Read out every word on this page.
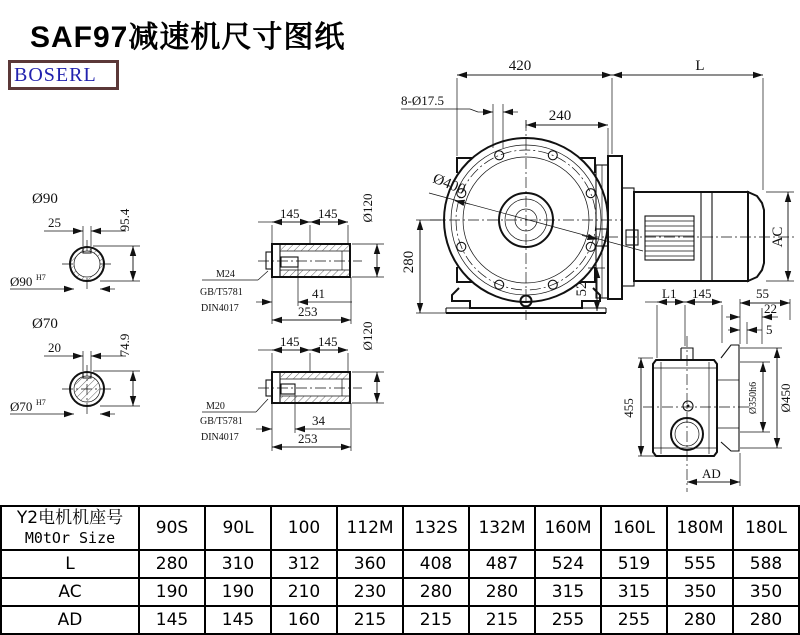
SAF97减速机尺寸图纸
BOSERL	420	L
8-Ø17.5
240
Ø400
280
52
AC
Ø90
25	95.4
Ø90 H7
Ø70
20	74.9
Ø70 H7
145 145 Ø120
M24
GB/T5781
DIN4017
41
253
145 145 Ø120
M20
GB/T5781
DIN4017
34
253
L1 145	55
22
5
455	Ø350h6 Ø450
AD
Y2电机机座号
M0tOr Size	90S	90L	100	112M	132S	132M	160M	160L	180M	180L
L	280	310	312	360	408	487	524	519	555	588
AC	190	190	210	230	280	280	315	315	350	350
AD	145	145	160	215	215	215	255	255	280	280
